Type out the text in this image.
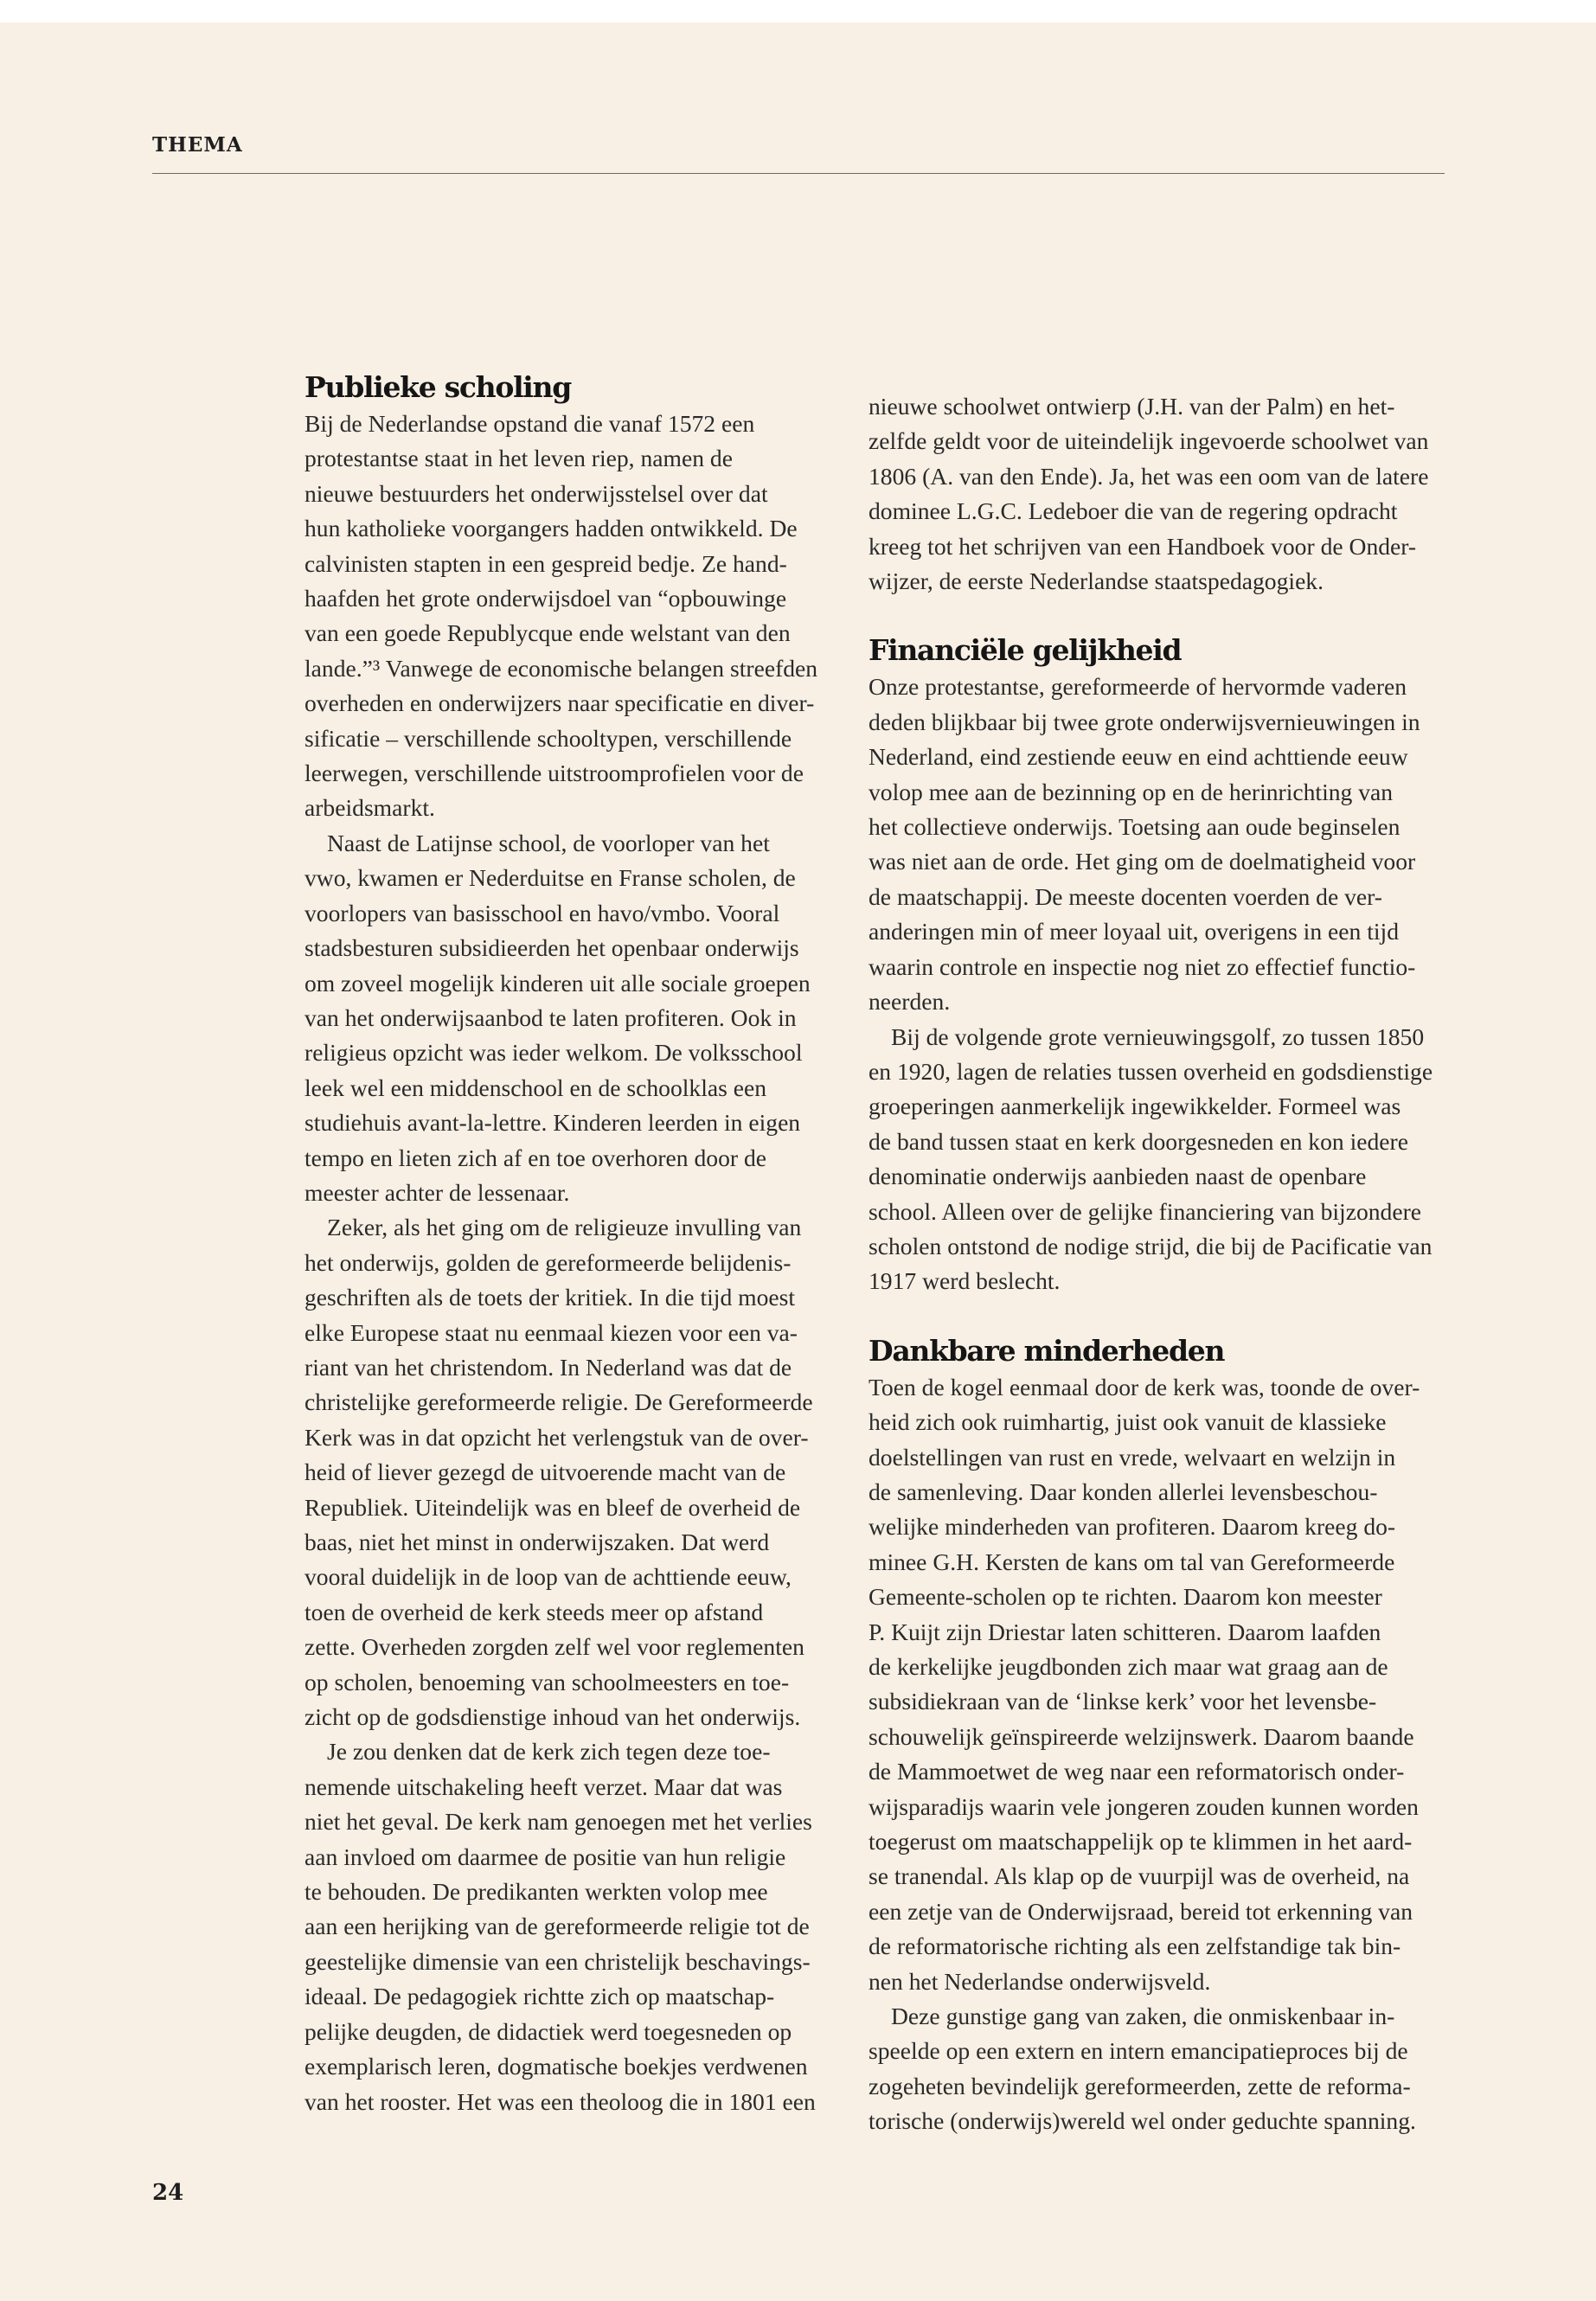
THEMA

Publieke scholing
Bij de Nederlandse opstand die vanaf 1572 een
protestantse staat in het leven riep, namen de
nieuwe bestuurders het onderwijsstelsel over dat
hun katholieke voorgangers hadden ontwikkeld. De
calvinisten stapten in een gespreid bedje. Ze hand-
haafden het grote onderwijsdoel van “opbouwinge
van een goede Republycque ende welstant van den
lande.”³ Vanwege de economische belangen streefden
overheden en onderwijzers naar specificatie en diver-
sificatie – verschillende schooltypen, verschillende
leerwegen, verschillende uitstroomprofielen voor de
arbeidsmarkt.
Naast de Latijnse school, de voorloper van het
vwo, kwamen er Nederduitse en Franse scholen, de
voorlopers van basisschool en havo/vmbo. Vooral
stadsbesturen subsidieerden het openbaar onderwijs
om zoveel mogelijk kinderen uit alle sociale groepen
van het onderwijsaanbod te laten profiteren. Ook in
religieus opzicht was ieder welkom. De volksschool
leek wel een middenschool en de schoolklas een
studiehuis avant-la-lettre. Kinderen leerden in eigen
tempo en lieten zich af en toe overhoren door de
meester achter de lessenaar.
Zeker, als het ging om de religieuze invulling van
het onderwijs, golden de gereformeerde belijdenis-
geschriften als de toets der kritiek. In die tijd moest
elke Europese staat nu eenmaal kiezen voor een va-
riant van het christendom. In Nederland was dat de
christelijke gereformeerde religie. De Gereformeerde
Kerk was in dat opzicht het verlengstuk van de over-
heid of liever gezegd de uitvoerende macht van de
Republiek. Uiteindelijk was en bleef de overheid de
baas, niet het minst in onderwijszaken. Dat werd
vooral duidelijk in de loop van de achttiende eeuw,
toen de overheid de kerk steeds meer op afstand
zette. Overheden zorgden zelf wel voor reglementen
op scholen, benoeming van schoolmeesters en toe-
zicht op de godsdienstige inhoud van het onderwijs.
Je zou denken dat de kerk zich tegen deze toe-
nemende uitschakeling heeft verzet. Maar dat was
niet het geval. De kerk nam genoegen met het verlies
aan invloed om daarmee de positie van hun religie
te behouden. De predikanten werkten volop mee
aan een herijking van de gereformeerde religie tot de
geestelijke dimensie van een christelijk beschavings-
ideaal. De pedagogiek richtte zich op maatschap-
pelijke deugden, de didactiek werd toegesneden op
exemplarisch leren, dogmatische boekjes verdwenen
van het rooster. Het was een theoloog die in 1801 een
nieuwe schoolwet ontwierp (J.H. van der Palm) en het-
zelfde geldt voor de uiteindelijk ingevoerde schoolwet van
1806 (A. van den Ende). Ja, het was een oom van de latere
dominee L.G.C. Ledeboer die van de regering opdracht
kreeg tot het schrijven van een Handboek voor de Onder-
wijzer, de eerste Nederlandse staatspedagogiek.
Financiële gelijkheid
Onze protestantse, gereformeerde of hervormde vaderen
deden blijkbaar bij twee grote onderwijsvernieuwingen in
Nederland, eind zestiende eeuw en eind achttiende eeuw
volop mee aan de bezinning op en de herinrichting van
het collectieve onderwijs. Toetsing aan oude beginselen
was niet aan de orde. Het ging om de doelmatigheid voor
de maatschappij. De meeste docenten voerden de ver-
anderingen min of meer loyaal uit, overigens in een tijd
waarin controle en inspectie nog niet zo effectief functio-
neerden.
Bij de volgende grote vernieuwingsgolf, zo tussen 1850
en 1920, lagen de relaties tussen overheid en godsdienstige
groeperingen aanmerkelijk ingewikkelder. Formeel was
de band tussen staat en kerk doorgesneden en kon iedere
denominatie onderwijs aanbieden naast de openbare
school. Alleen over de gelijke financiering van bijzondere
scholen ontstond de nodige strijd, die bij de Pacificatie van
1917 werd beslecht.
Dankbare minderheden
Toen de kogel eenmaal door de kerk was, toonde de over-
heid zich ook ruimhartig, juist ook vanuit de klassieke
doelstellingen van rust en vrede, welvaart en welzijn in
de samenleving. Daar konden allerlei levensbeschou-
welijke minderheden van profiteren. Daarom kreeg do-
minee G.H. Kersten de kans om tal van Gereformeerde
Gemeente-scholen op te richten. Daarom kon meester
P. Kuijt zijn Driestar laten schitteren. Daarom laafden
de kerkelijke jeugdbonden zich maar wat graag aan de
subsidiekraan van de ‘linkse kerk’ voor het levensbe-
schouwelijk geïnspireerde welzijnswerk. Daarom baande
de Mammoetwet de weg naar een reformatorisch onder-
wijsparadijs waarin vele jongeren zouden kunnen worden
toegerust om maatschappelijk op te klimmen in het aard-
se tranendal. Als klap op de vuurpijl was de overheid, na
een zetje van de Onderwijsraad, bereid tot erkenning van
de reformatorische richting als een zelfstandige tak bin-
nen het Nederlandse onderwijsveld.
Deze gunstige gang van zaken, die onmiskenbaar in-
speelde op een extern en intern emancipatieproces bij de
zogeheten bevindelijk gereformeerden, zette de reforma-
torische (onderwijs)wereld wel onder geduchte spanning.

24
